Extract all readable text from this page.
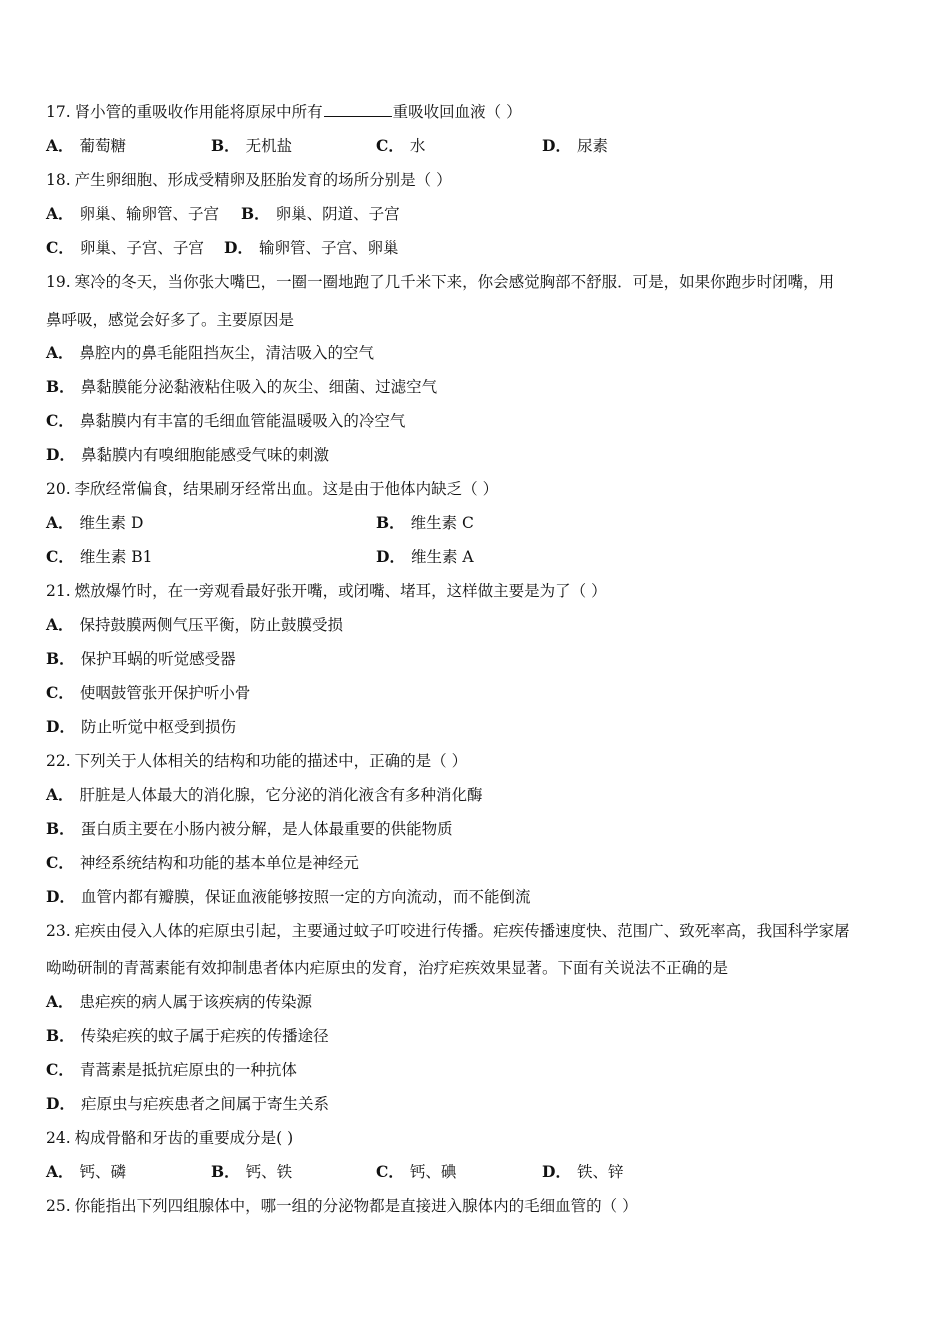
17. 肾小管的重吸收作用能将原尿中所有	重吸收回血液（ ）
A． 葡萄糖	B． 无机盐	C． 水	D． 尿素
18. 产生卵细胞、形成受精卵及胚胎发育的场所分别是（ ）
A． 卵巢、输卵管、子宫 B． 卵巢、阴道、子宫
C． 卵巢、子宫、子宫 D． 输卵管、子宫、卵巢
19. 寒冷的冬天，当你张大嘴巴，一圈一圈地跑了几千米下来，你会感觉胸部不舒服．可是，如果你跑步时闭嘴，用
鼻呼吸，感觉会好多了。主要原因是
A． 鼻腔内的鼻毛能阻挡灰尘，清洁吸入的空气
B． 鼻黏膜能分泌黏液粘住吸入的灰尘、细菌、过滤空气
C． 鼻黏膜内有丰富的毛细血管能温暖吸入的冷空气
D． 鼻黏膜内有嗅细胞能感受气味的刺激
20. 李欣经常偏食，结果刷牙经常出血。这是由于他体内缺乏（ ）
A． 维生素 D	B． 维生素 C
C． 维生素 B1	D． 维生素 A
21. 燃放爆竹时，在一旁观看最好张开嘴，或闭嘴、堵耳，这样做主要是为了（ ）
A． 保持鼓膜两侧气压平衡，防止鼓膜受损
B． 保护耳蜗的听觉感受器
C． 使咽鼓管张开保护听小骨
D． 防止听觉中枢受到损伤
22. 下列关于人体相关的结构和功能的描述中，正确的是（ ）
A． 肝脏是人体最大的消化腺，它分泌的消化液含有多种消化酶
B． 蛋白质主要在小肠内被分解，是人体最重要的供能物质
C． 神经系统结构和功能的基本单位是神经元
D． 血管内都有瓣膜，保证血液能够按照一定的方向流动，而不能倒流
23. 疟疾由侵入人体的疟原虫引起，主要通过蚊子叮咬进行传播。疟疾传播速度快、范围广、致死率高，我国科学家屠
呦呦研制的青蒿素能有效抑制患者体内疟原虫的发育，治疗疟疾效果显著。下面有关说法不正确的是
A． 患疟疾的病人属于该疾病的传染源
B． 传染疟疾的蚊子属于疟疾的传播途径
C． 青蒿素是抵抗疟原虫的一种抗体
D． 疟原虫与疟疾患者之间属于寄生关系
24. 构成骨骼和牙齿的重要成分是( )
A． 钙、磷	B． 钙、铁	C． 钙、碘	D． 铁、锌
25. 你能指出下列四组腺体中，哪一组的分泌物都是直接进入腺体内的毛细血管的（ ）
